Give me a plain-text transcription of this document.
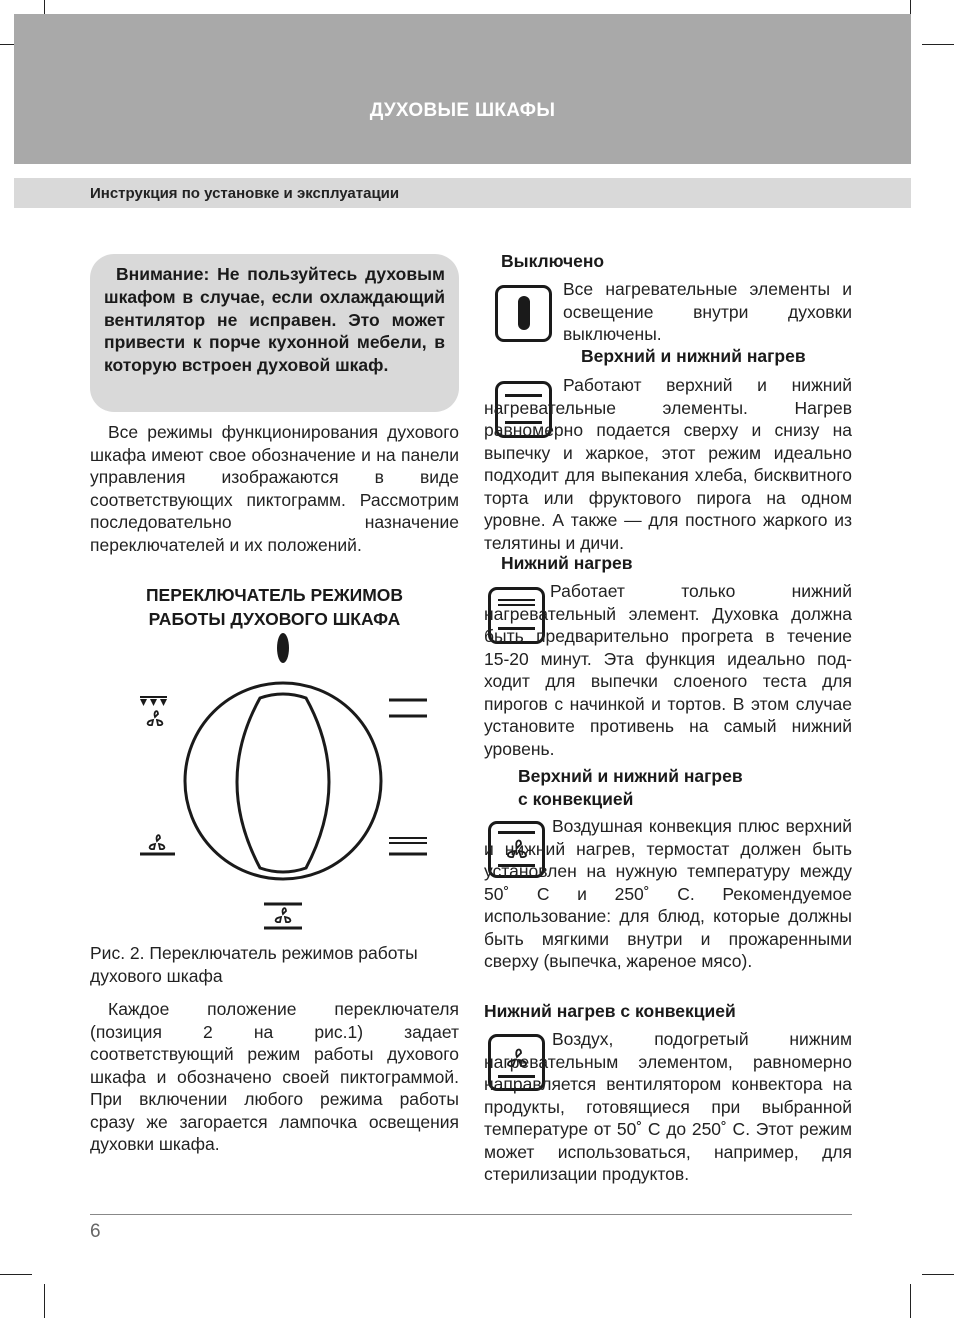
ДУХОВЫЕ ШКАФЫ
Инструкция по установке и эксплуатации

Внимание: Не пользуйтесь духовым шкафом в случае, если охлаждающий вентилятор не исправен. Это может привести к порче кухонной мебели, в которую встроен духовой шкаф.

Все режимы функционирования духового шкафа имеют свое обозначение и на панели управления изображаются в виде соответствующих пиктограмм. Рассмотрим последовательно назначение переключателей и их положений.

ПЕРЕКЛЮЧАТЕЛЬ РЕЖИМОВ
РАБОТЫ ДУХОВОГО ШКАФА

Рис. 2. Переключатель режимов работы духового шкафа

Каждое положение переключателя (позиция 2 на рис.1) задает соответствующий режим работы духового шкафа и обозначено своей пиктограммой. При включении любого режима работы сразу же загорается лампочка освещения духовки шкафа.

Выключено

Все нагревательные элементы и освещение внутри духовки выключены.

Верхний и нижний нагрев

Работают верхний и нижний нагревательные элементы. Нагрев равномерно подается сверху и снизу на выпечку и жаркое, этот режим идеально подходит для выпекания хлеба, бисквитного торта или фруктового пирога на одном уровне. А также — для постного жаркого из телятины и дичи.

Нижний нагрев

Работает только нижний нагревательный элемент. Духовка должна быть предварительно прогрета в течение 15-20 минут. Эта функция идеально под-ходит для выпечки слоеного теста для пирогов с начинкой и тортов. В этом случае установите противень на самый нижний уровень.

Верхний и нижний нагрев
с конвекцией

Воздушная конвекция плюс верхний и нижний нагрев, термостат должен быть установлен на нужную температуру между 50˚ С и 250˚ С. Рекомендуемое использование: для блюд, которые должны быть мягкими внутри и прожаренными сверху (выпечка, жареное мясо).

Нижний нагрев с конвекцией

Воздух, подогретый нижним нагревательным элементом, равномерно направляется вентилятором конвектора на продукты, готовящиеся при выбранной температуре от 50˚ С до 250˚ С. Этот режим может использоваться, например, для стерилизации продуктов.

6
